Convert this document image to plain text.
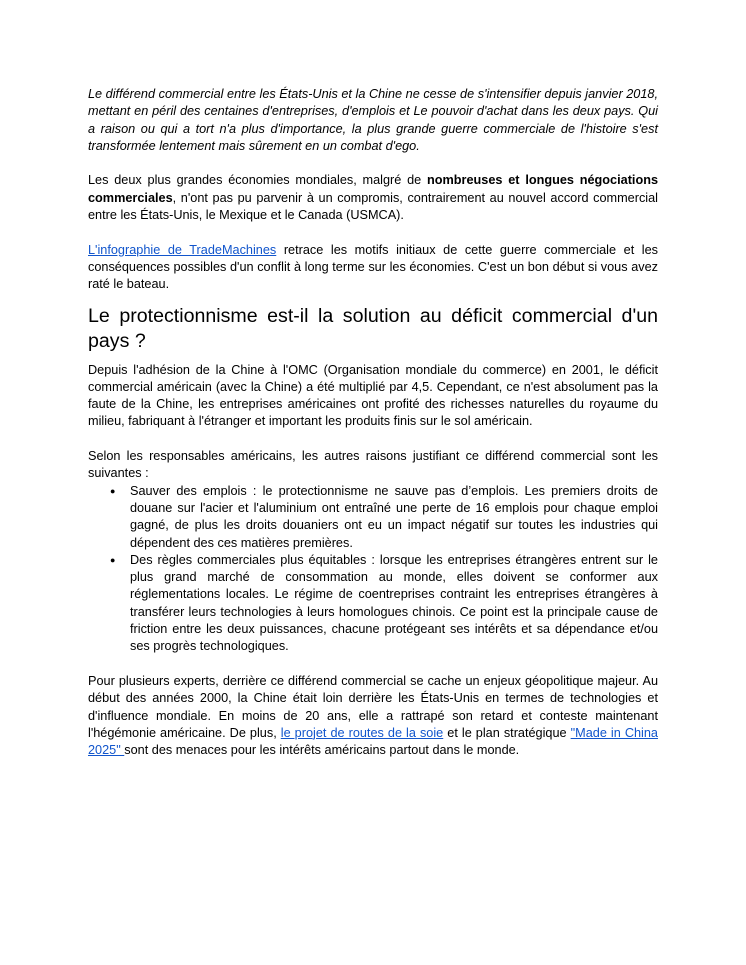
Le différend commercial entre les États-Unis et la Chine ne cesse de s'intensifier depuis janvier 2018, mettant en péril des centaines d'entreprises, d'emplois et Le pouvoir d'achat dans les deux pays. Qui a raison ou qui a tort n'a plus d'importance, la plus grande guerre commerciale de l'histoire s'est transformée lentement mais sûrement en un combat d'ego.

Les deux plus grandes économies mondiales, malgré de nombreuses et longues négociations commerciales, n'ont pas pu parvenir à un compromis, contrairement au nouvel accord commercial entre les États-Unis, le Mexique et le Canada (USMCA).

L'infographie de TradeMachines retrace les motifs initiaux de cette guerre commerciale et les conséquences possibles d'un conflit à long terme sur les économies. C'est un bon début si vous avez raté le bateau.

Le protectionnisme est-il la solution au déficit commercial d'un pays ?

Depuis l'adhésion de la Chine à l'OMC (Organisation mondiale du commerce) en 2001, le déficit commercial américain (avec la Chine) a été multiplié par 4,5. Cependant, ce n'est absolument pas la faute de la Chine, les entreprises américaines ont profité des richesses naturelles du royaume du milieu, fabriquant à l'étranger et important les produits finis sur le sol américain.

Selon les responsables américains, les autres raisons justifiant ce différend commercial sont les suivantes :

● Sauver des emplois : le protectionnisme ne sauve pas d’emplois. Les premiers droits de douane sur l'acier et l'aluminium ont entraîné une perte de 16 emplois pour chaque emploi gagné, de plus les droits douaniers ont eu un impact négatif sur toutes les industries qui dépendent des ces matières premières.
● Des règles commerciales plus équitables : lorsque les entreprises étrangères entrent sur le plus grand marché de consommation au monde, elles doivent se conformer aux réglementations locales. Le régime de coentreprises contraint les entreprises étrangères à transférer leurs technologies à leurs homologues chinois. Ce point est la principale cause de friction entre les deux puissances, chacune protégeant ses intérêts et sa dépendance et/ou ses progrès technologiques.

Pour plusieurs experts, derrière ce différend commercial se cache un enjeux géopolitique majeur. Au début des années 2000, la Chine était loin derrière les États-Unis en termes de technologies et d'influence mondiale. En moins de 20 ans, elle a rattrapé son retard et conteste maintenant l'hégémonie américaine. De plus, le projet de routes de la soie et le plan stratégique "Made in China 2025" sont des menaces pour les intérêts américains partout dans le monde.
